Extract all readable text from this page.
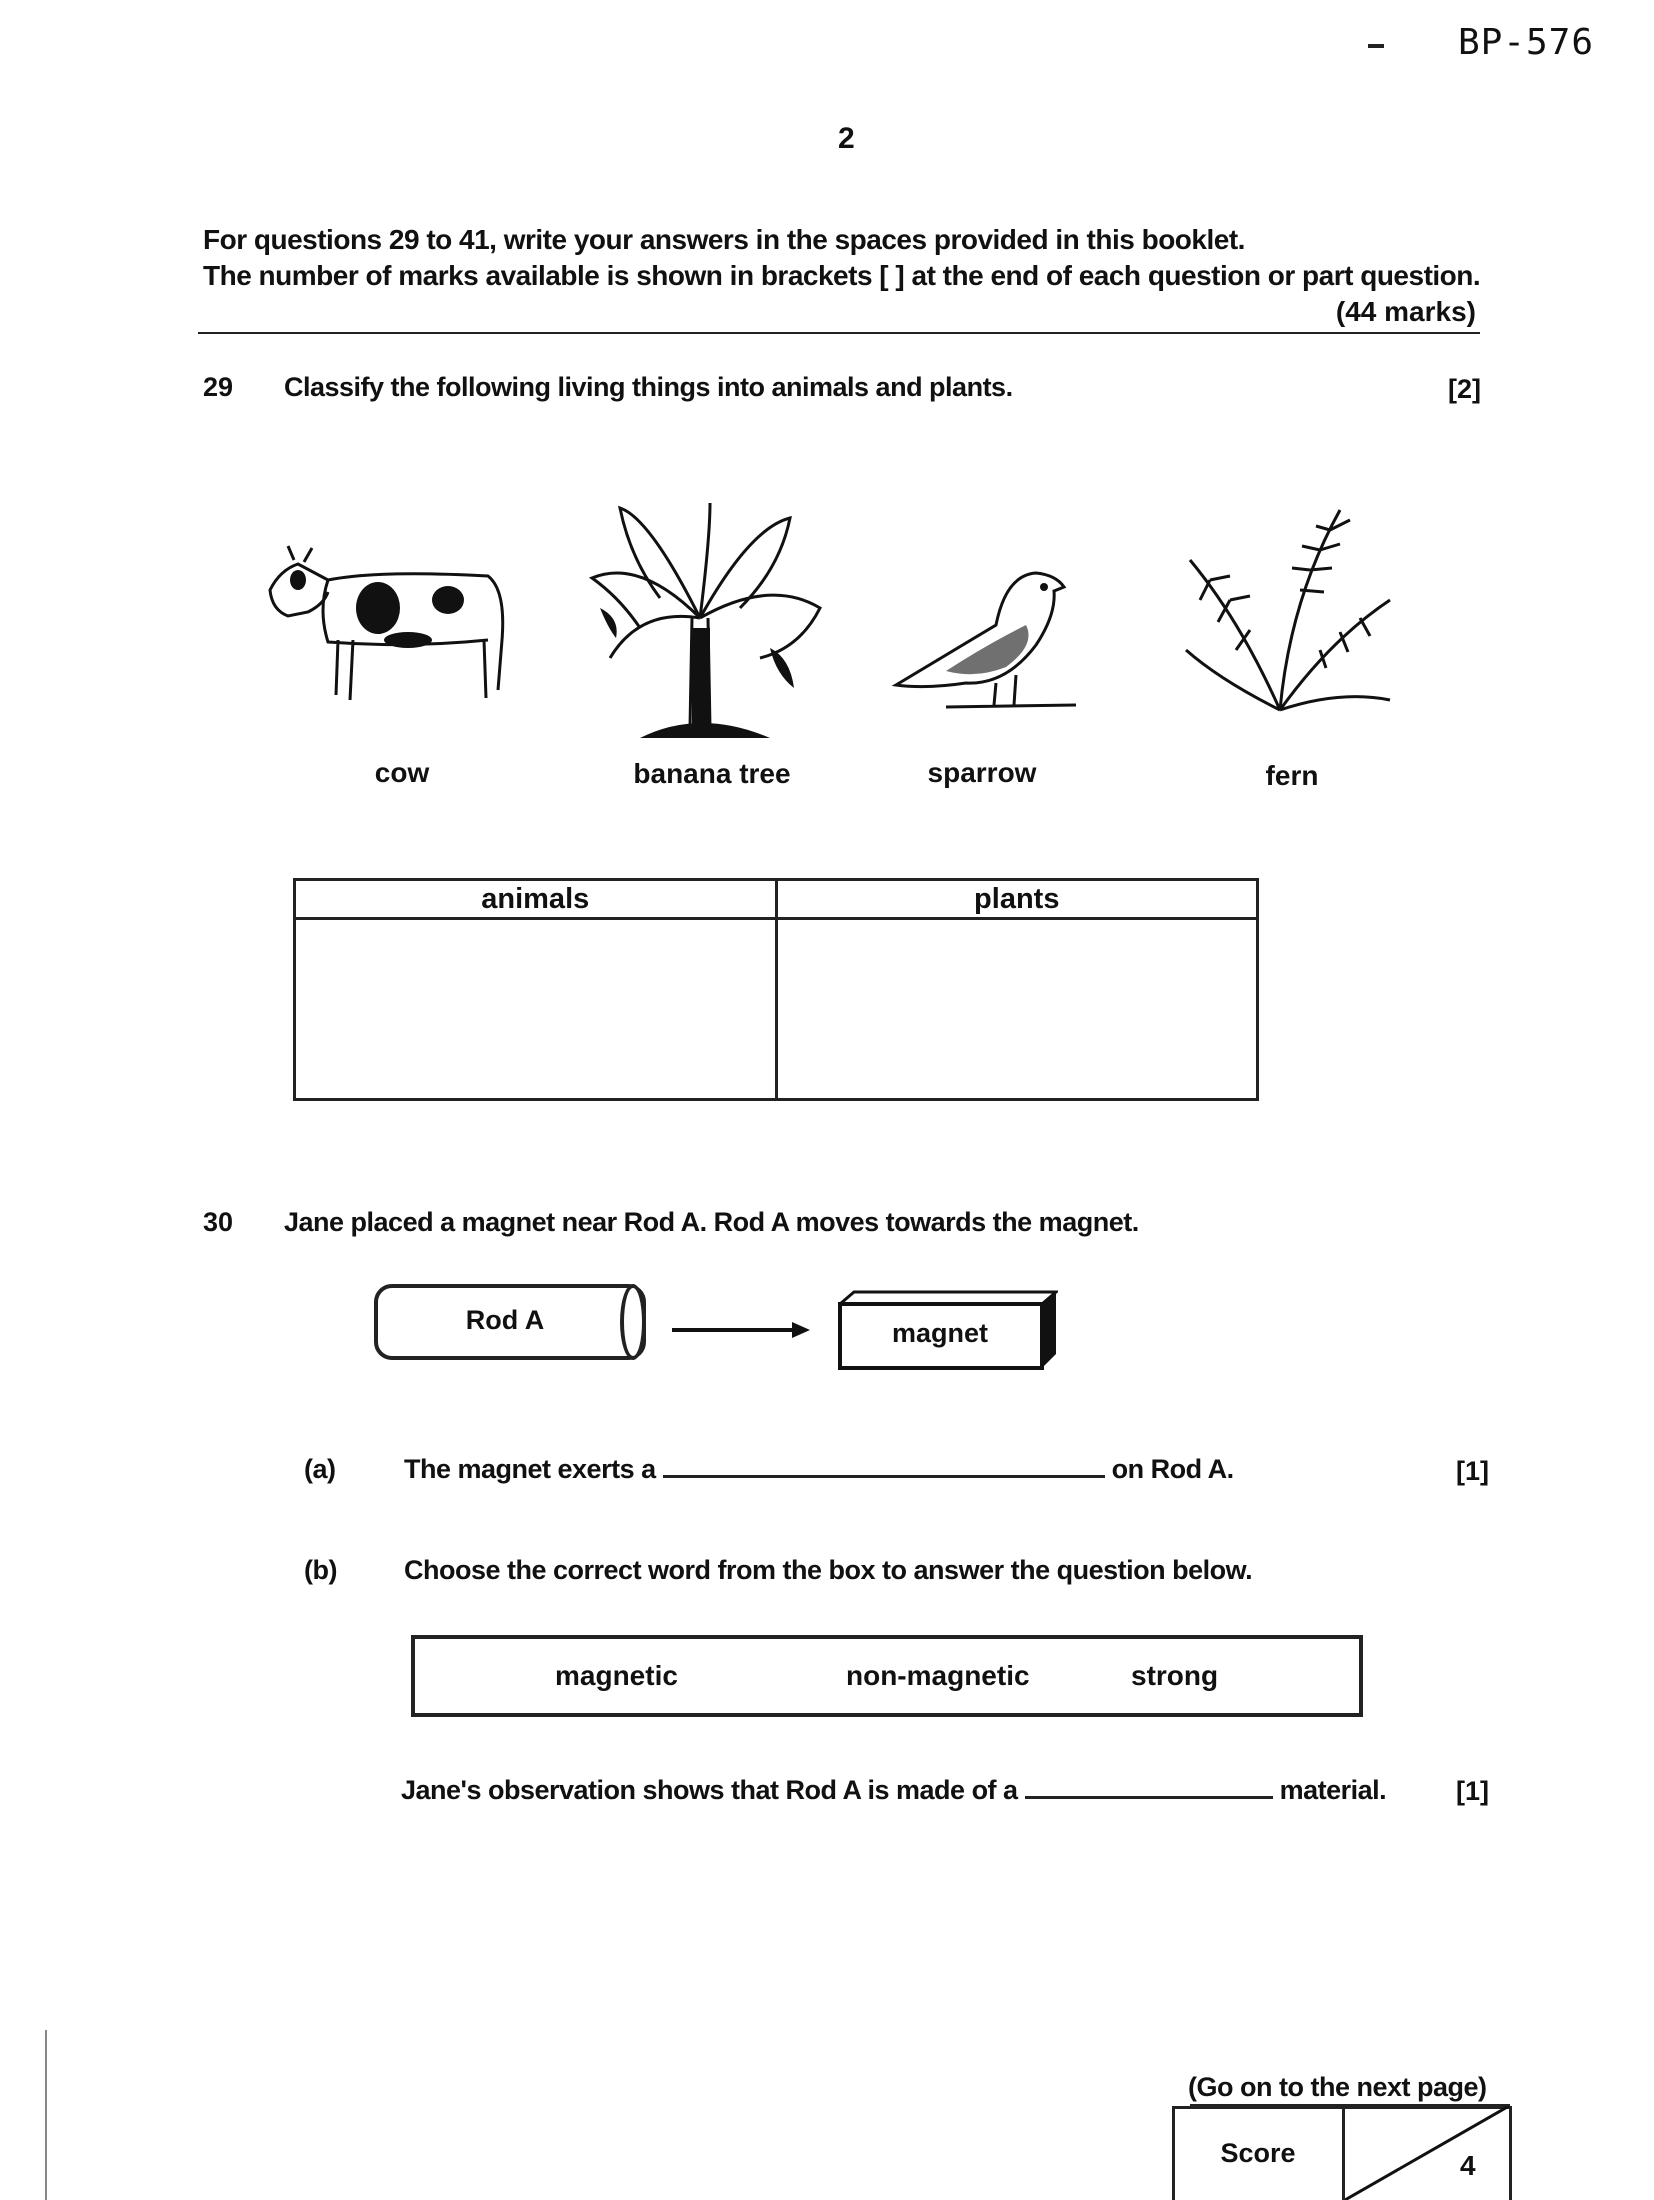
BP-576
2
For questions 29 to 41, write your answers in the spaces provided in this booklet.
The number of marks available is shown in brackets [ ] at the end of each question or part question.
(44 marks)
29 Classify the following living things into animals and plants.	[2]
cow	banana tree	sparrow	fern
animals	plants

30 Jane placed a magnet near Rod A. Rod A moves towards the magnet.
Rod A	magnet
(a)	The magnet exerts a	on Rod A.	[1]
(b) Choose the correct word from the box to answer the question below.
magnetic	non-magnetic	strong
Jane's observation shows that Rod A is made of a	material.	[1]
(Go on to the next page)
Score	4
